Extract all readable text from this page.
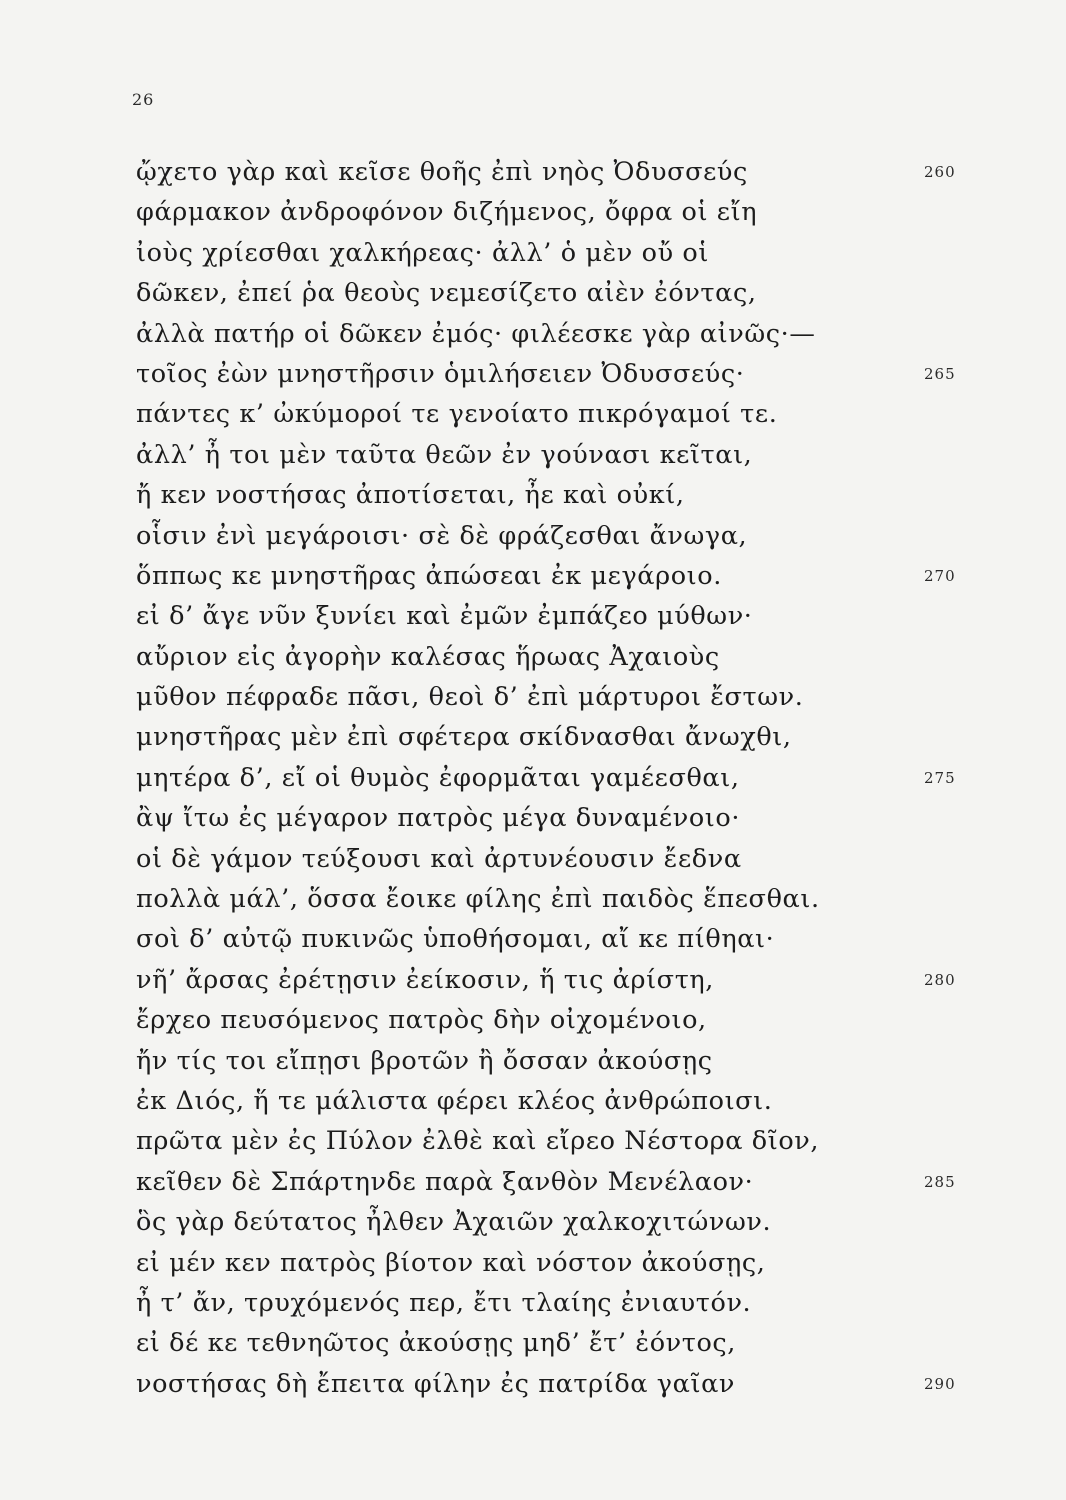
26
ᾤχετο γὰρ καὶ κεῖσε θοῆς ἐπὶ νηὸς Ὀδυσσεύς	260
φάρμακον ἀνδροφόνον διζήμενος, ὄφρα οἱ εἴη
ἰοὺς χρίεσθαι χαλκήρεας· ἀλλ’ ὁ μὲν οὔ οἱ
δῶκεν, ἐπεί ῥα θεοὺς νεμεσίζετο αἰὲν ἐόντας,
ἀλλὰ πατήρ οἱ δῶκεν ἐμός· φιλέεσκε γὰρ αἰνῶς·—
τοῖος ἐὼν μνηστῆρσιν ὁμιλήσειεν Ὀδυσσεύς·	265
πάντες κ’ ὠκύμοροί τε γενοίατο πικρόγαμοί τε.
ἀλλ’ ἦ τοι μὲν ταῦτα θεῶν ἐν γούνασι κεῖται,
ἤ κεν νοστήσας ἀποτίσεται, ἦε καὶ οὐκί,
οἷσιν ἐνὶ μεγάροισι· σὲ δὲ φράζεσθαι ἄνωγα,
ὅππως κε μνηστῆρας ἀπώσεαι ἐκ μεγάροιο.	270
εἰ δ’ ἄγε νῦν ξυνίει καὶ ἐμῶν ἐμπάζεο μύθων·
αὔριον εἰς ἀγορὴν καλέσας ἥρωας Ἀχαιοὺς
μῦθον πέφραδε πᾶσι, θεοὶ δ’ ἐπὶ μάρτυροι ἔστων.
μνηστῆρας μὲν ἐπὶ σφέτερα σκίδνασθαι ἄνωχθι,
μητέρα δ’, εἴ οἱ θυμὸς ἐφορμᾶται γαμέεσθαι,	275
ἂψ ἴτω ἐς μέγαρον πατρὸς μέγα δυναμένοιο·
οἱ δὲ γάμον τεύξουσι καὶ ἀρτυνέουσιν ἔεδνα
πολλὰ μάλ’, ὅσσα ἔοικε φίλης ἐπὶ παιδὸς ἕπεσθαι.
σοὶ δ’ αὐτῷ πυκινῶς ὑποθήσομαι, αἴ κε πίθηαι·
νῆ’ ἄρσας ἐρέτῃσιν ἐείκοσιν, ἥ τις ἀρίστη,	280
ἔρχεο πευσόμενος πατρὸς δὴν οἰχομένοιο,
ἤν τίς τοι εἴπῃσι βροτῶν ἢ ὄσσαν ἀκούσῃς
ἐκ Διός, ἥ τε μάλιστα φέρει κλέος ἀνθρώποισι.
πρῶτα μὲν ἐς Πύλον ἐλθὲ καὶ εἴρεο Νέστορα δῖον,
κεῖθεν δὲ Σπάρτηνδε παρὰ ξανθὸν Μενέλαον·	285
ὃς γὰρ δεύτατος ἦλθεν Ἀχαιῶν χαλκοχιτώνων.
εἰ μέν κεν πατρὸς βίοτον καὶ νόστον ἀκούσῃς,
ἦ τ’ ἄν, τρυχόμενός περ, ἔτι τλαίης ἐνιαυτόν.
εἰ δέ κε τεθνηῶτος ἀκούσῃς μηδ’ ἔτ’ ἐόντος,
νοστήσας δὴ ἔπειτα φίλην ἐς πατρίδα γαῖαν	290
